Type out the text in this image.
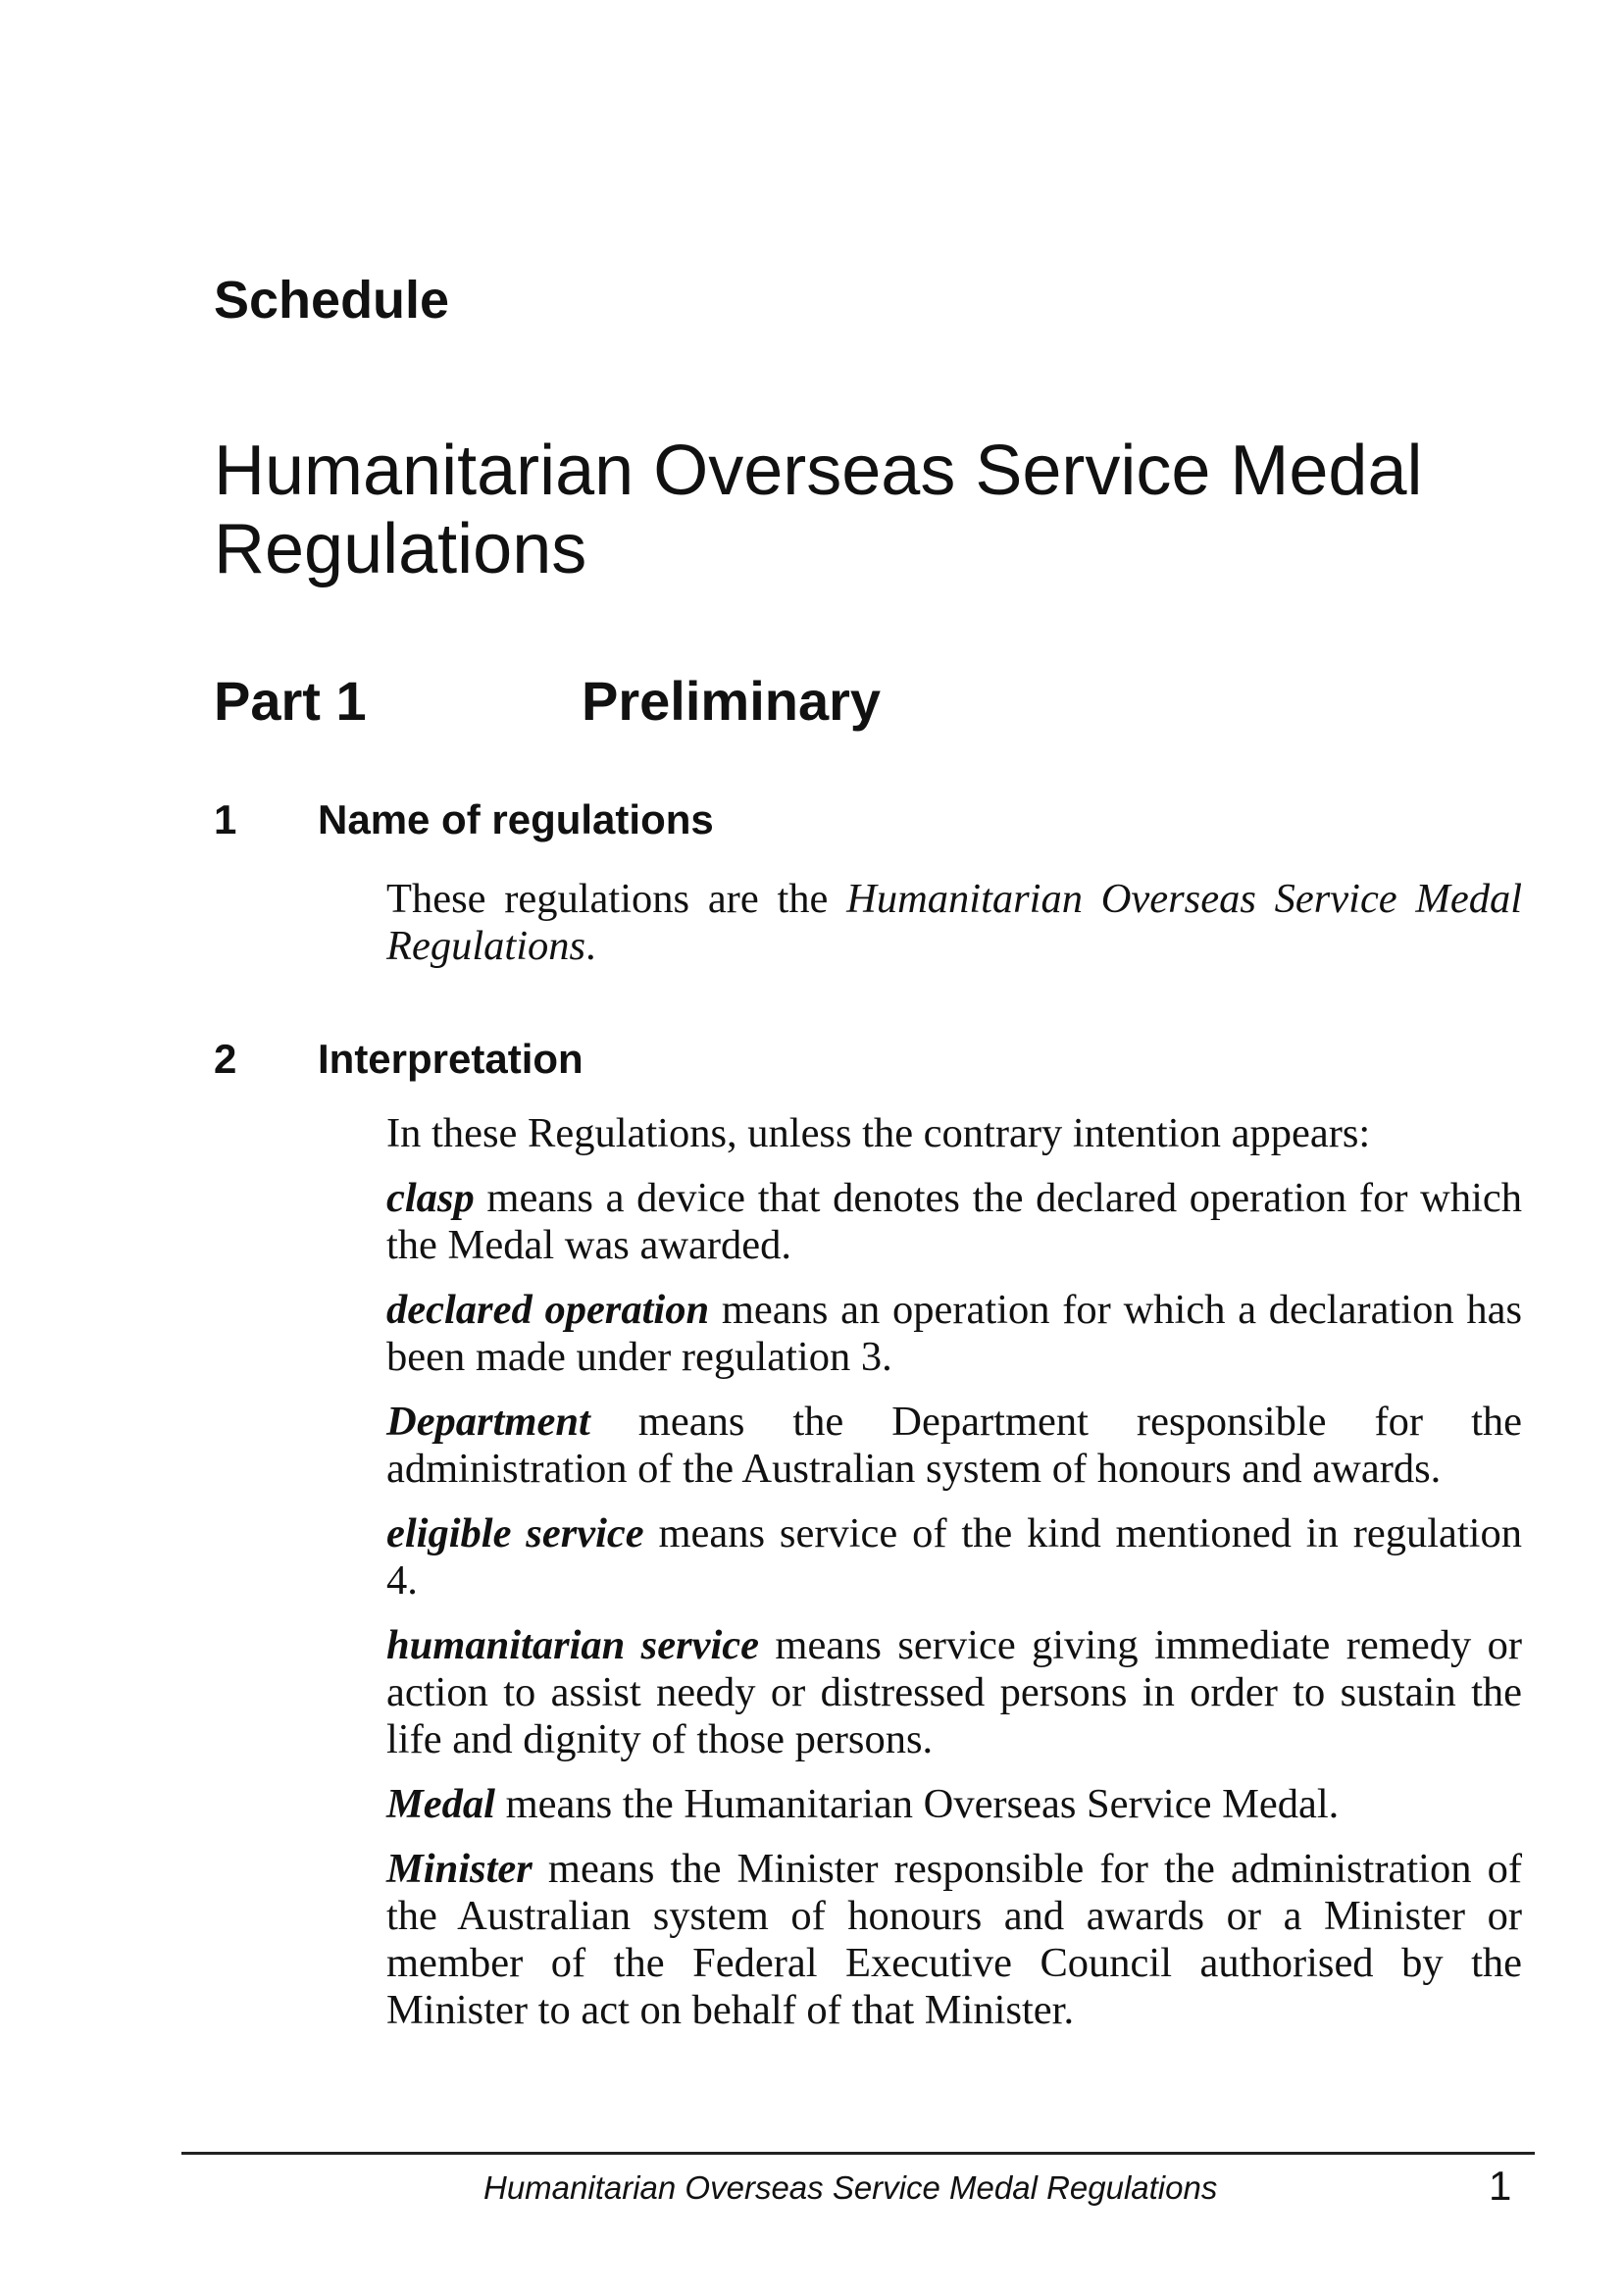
Schedule
Humanitarian Overseas Service Medal
Regulations
Part 1	Preliminary
1 Name of regulations

These regulations are the Humanitarian Overseas Service Medal Regulations.

2 Interpretation

In these Regulations, unless the contrary intention appears:

clasp means a device that denotes the declared operation for which the Medal was awarded.

declared operation means an operation for which a declaration has been made under regulation 3.

Department means the Department responsible for the administration of the Australian system of honours and awards.

eligible service means service of the kind mentioned in regulation 4.

humanitarian service means service giving immediate remedy or action to assist needy or distressed persons in order to sustain the life and dignity of those persons.

Medal means the Humanitarian Overseas Service Medal.

Minister means the Minister responsible for the administration of the Australian system of honours and awards or a Minister or member of the Federal Executive Council authorised by the Minister to act on behalf of that Minister.

Humanitarian Overseas Service Medal Regulations	1
